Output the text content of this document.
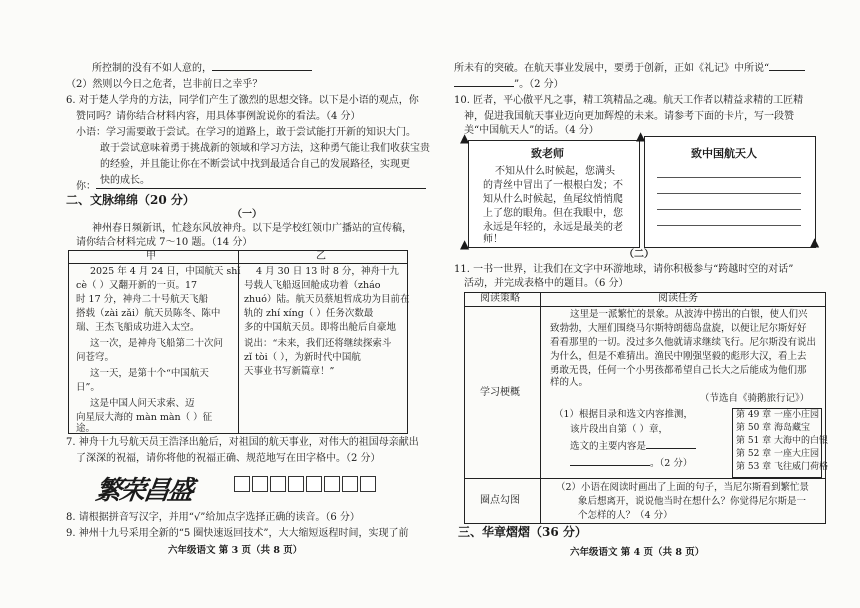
所控制的没有不如人意的，
（2）然则以今日之危者，岂非前日之幸乎？
6. 对于楚人学舟的方法，同学们产生了激烈的思想交锋。以下是小语的观点，你
赞同吗？请你结合材料内容，用具体事例說说你的看法。（4 分）
小语：学习需要敢于尝试。在学习的道路上，敢于尝试能打开新的知识大门。
敢于尝试意味着勇于挑战新的领域和学习方法，这种勇气能让我们收获宝贵
的经验，并且能让你在不断尝试中找到最适合自己的发展路径，实现更
快的成长。
你：
二、文脉绵绵（20 分）
（一）
神州春日频新讯，忙趁东风放神舟。以下是学校红领巾广播站的宣传稿，
请你结合材料完成 7～10 题。（14 分）
甲	乙
2025 年 4 月 24 日，中国航天 shǐ
cè（ ）又翻开新的一页。17
时 17 分，神舟二十号航天飞船
搭载（zài zǎi）航天员陈冬、陈中
瑞、王杰飞船成功进入太空。
这一次，是神舟飞船第二十次问
问苍穹。
这一天，是第十个“中国航天
日”。
这是中国人问天求索、迈
向星辰大海的 màn màn（ ）征
途。
4 月 30 日 13 时 8 分，神舟十九
号载人飞船返回舱成功着（zháo
zhuó）陆。航天员蔡旭哲成功为目前在
轨的 zhí xíng（ ）任务次数最
多的中国航天员。即将出舱后自豪地
说出：“未来，我们还将继续探索斗
zǐ tòi（ ），为新时代中国航
天事业书写新篇章！”
7. 神舟十九号航天员王浩泽出舱后，对祖国的航天事业，对伟大的祖国母亲献出
了深深的祝福，请你将他的祝福正确、规范地写在田字格中。（2 分）
繁荣昌盛
8. 请根据拼音写汉字，并用“√”给加点字选择正确的读音。（6 分）
9. 神州十九号采用全新的“5 圈快速返回技术”，大大缩短返程时间，实现了前
六年级语文 第 3 页（共 8 页）
所未有的突破。在航天事业发展中，要勇于创新，正如《礼记》中所说“
”。（2 分）
10. 匠者，平心傲平凡之事，精工筑精品之魂。航天工作者以精益求精的工匠精
神，促进我国航天事业迈向更加辉煌的未来。请参考下面的卡片，写一段赞
美“中国航天人”的话。（4 分）
致老师
不知从什么时候起，您满头
的青丝中冒出了一根根白发；不
知从什么时候起，鱼尾纹悄悄爬
上了您的眼角。但在我眼中，您
永远是年轻的，永远是最美的老
师！
▲
▲
致中国航天人
▲
▲
（二）
11. 一书一世界，让我们在文字中环游地球，请你积极参与“跨越时空的对话”
活动，并完成表格中的题目。（6 分）
阅读策略	阅读任务
学习梗概
圈点勾图
这里是一派繁忙的景象。从波涛中捞出的白银，使人们兴
致勃勃，大厘们围绕马尔斯特朗德岛盘旋，以便让尼尔斯好好
看看那里的一切。没过多久他就请求继续飞行。尼尔斯没有说出
为什么，但是不难猜出。渔民中刚强坚毅的彪形大汉，看上去
勇敢无畏，任何一个小男孩都希望自己长大之后能成为他们那
样的人。
（节选自《骑鹅旅行记》）
（1）根据目录和选文内容推测，
该片段出自第（ ）章，
选文的主要内容是
。（2 分）
第 49 章 一座小庄园
第 50 章 海岛藏宝
第 51 章 大海中的白银
第 52 章 一座大庄园
第 53 章 飞往威门荷格
（2）小语在阅读时画出了上面的句子，当尼尔斯看到繁忙景
象后想离开，说说他当时在想什么？你觉得尼尔斯是一
个怎样的人？（4 分）
三、华章熠熠（36 分）
六年级语文 第 4 页（共 8 页）
